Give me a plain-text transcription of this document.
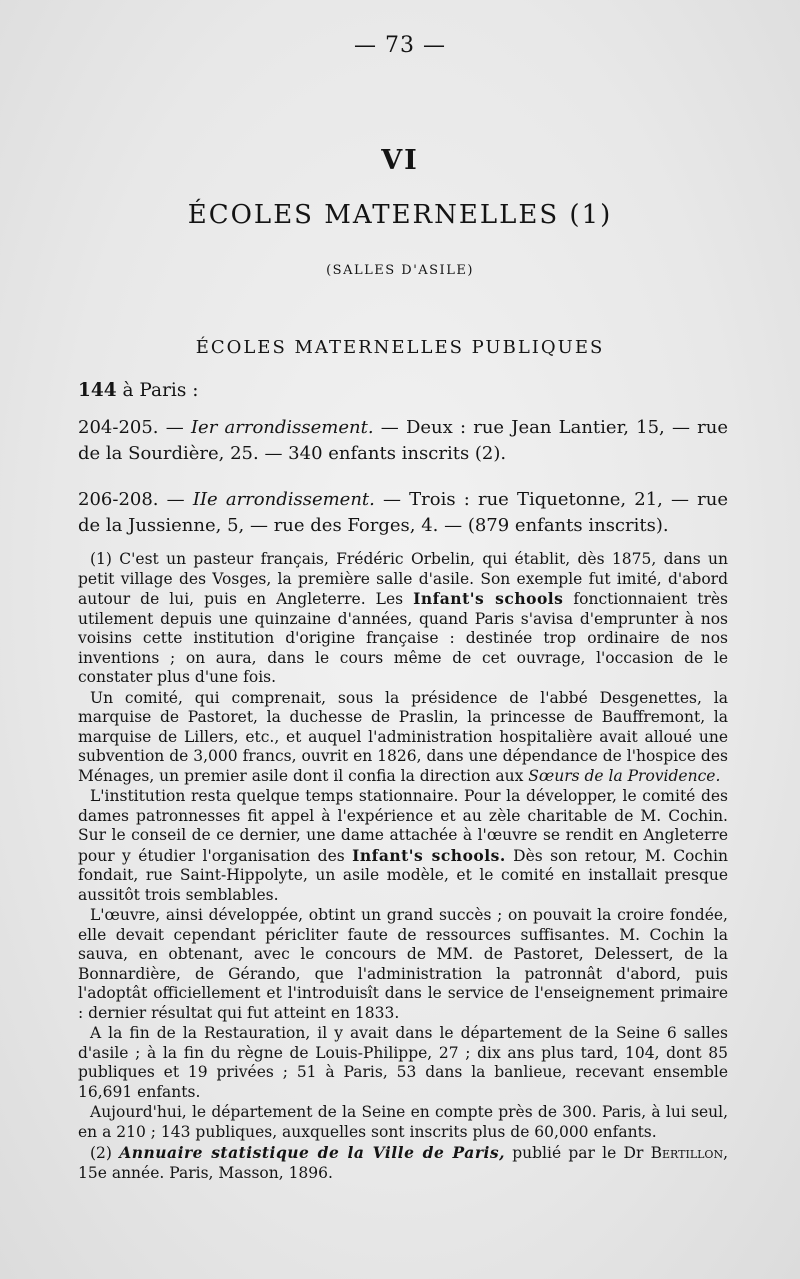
— 73 —
VI
ÉCOLES MATERNELLES (1)
(SALLES D'ASILE)
ÉCOLES MATERNELLES PUBLIQUES
144 à Paris :
204-205. — Ier arrondissement. — Deux : rue Jean Lantier, 15, — rue de la Sourdière, 25. — 340 enfants inscrits (2).
206-208. — IIe arrondissement. — Trois : rue Tiquetonne, 21, — rue de la Jussienne, 5, — rue des Forges, 4. — (879 enfants inscrits).

(1) C'est un pasteur français, Frédéric Orbelin, qui établit, dès 1875, dans un petit village des Vosges, la première salle d'asile. Son exemple fut imité, d'abord autour de lui, puis en Angleterre. Les Infant's schools fonctionnaient très utilement depuis une quinzaine d'années, quand Paris s'avisa d'emprunter à nos voisins cette institution d'origine française : destinée trop ordinaire de nos inventions ; on aura, dans le cours même de cet ouvrage, l'occasion de le constater plus d'une fois.

Un comité, qui comprenait, sous la présidence de l'abbé Desgenettes, la marquise de Pastoret, la duchesse de Praslin, la princesse de Bauffremont, la marquise de Lillers, etc., et auquel l'administration hospitalière avait alloué une subvention de 3,000 francs, ouvrit en 1826, dans une dépendance de l'hospice des Ménages, un premier asile dont il confia la direction aux Sœurs de la Providence.

L'institution resta quelque temps stationnaire. Pour la développer, le comité des dames patronnesses fit appel à l'expérience et au zèle charitable de M. Cochin. Sur le conseil de ce dernier, une dame attachée à l'œuvre se rendit en Angleterre pour y étudier l'organisation des Infant's schools. Dès son retour, M. Cochin fondait, rue Saint-Hippolyte, un asile modèle, et le comité en installait presque aussitôt trois semblables.

L'œuvre, ainsi développée, obtint un grand succès ; on pouvait la croire fondée, elle devait cependant péricliter faute de ressources suffisantes. M. Cochin la sauva, en obtenant, avec le concours de MM. de Pastoret, Delessert, de la Bonnardière, de Gérando, que l'administration la patronnât d'abord, puis l'adoptât officiellement et l'introduisît dans le service de l'enseignement primaire : dernier résultat qui fut atteint en 1833.

A la fin de la Restauration, il y avait dans le département de la Seine 6 salles d'asile ; à la fin du règne de Louis-Philippe, 27 ; dix ans plus tard, 104, dont 85 publiques et 19 privées ; 51 à Paris, 53 dans la banlieue, recevant ensemble 16,691 enfants.

Aujourd'hui, le département de la Seine en compte près de 300. Paris, à lui seul, en a 210 ; 143 publiques, auxquelles sont inscrits plus de 60,000 enfants.

(2) Annuaire statistique de la Ville de Paris, publié par le Dr Bertillon, 15e année. Paris, Masson, 1896.
